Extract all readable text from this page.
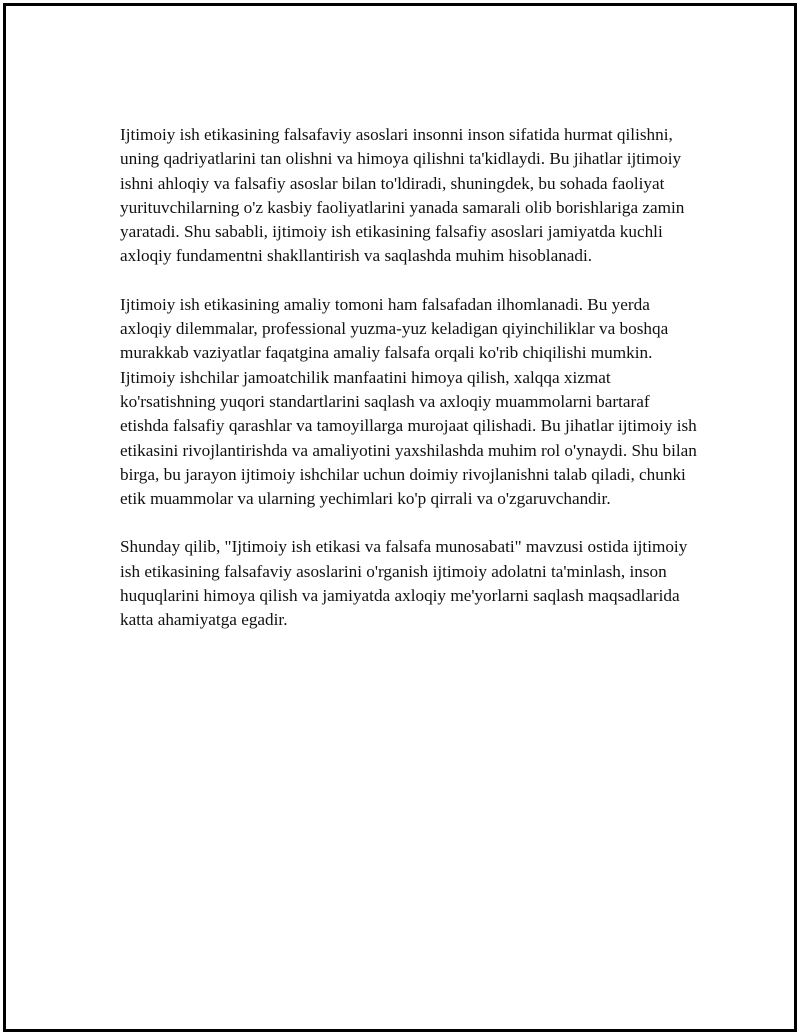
Ijtimoiy ish etikasining falsafaviy asoslari insonni inson sifatida hurmat qilishni, uning qadriyatlarini tan olishni va himoya qilishni ta'kidlaydi. Bu jihatlar ijtimoiy ishni ahloqiy va falsafiy asoslar bilan to'ldiradi, shuningdek, bu sohada faoliyat yurituvchilarning o'z kasbiy faoliyatlarini yanada samarali olib borishlariga zamin yaratadi. Shu sababli, ijtimoiy ish etikasining falsafiy asoslari jamiyatda kuchli axloqiy fundamentni shakllantirish va saqlashda muhim hisoblanadi.

Ijtimoiy ish etikasining amaliy tomoni ham falsafadan ilhomlanadi. Bu yerda axloqiy dilemmalar, professional yuzma-yuz keladigan qiyinchiliklar va boshqa murakkab vaziyatlar faqatgina amaliy falsafa orqali ko'rib chiqilishi mumkin. Ijtimoiy ishchilar jamoatchilik manfaatini himoya qilish, xalqqa xizmat ko'rsatishning yuqori standartlarini saqlash va axloqiy muammolarni bartaraf etishda falsafiy qarashlar va tamoyillarga murojaat qilishadi. Bu jihatlar ijtimoiy ish etikasini rivojlantirishda va amaliyotini yaxshilashda muhim rol o'ynaydi. Shu bilan birga, bu jarayon ijtimoiy ishchilar uchun doimiy rivojlanishni talab qiladi, chunki etik muammolar va ularning yechimlari ko'p qirrali va o'zgaruvchandir.

Shunday qilib, "Ijtimoiy ish etikasi va falsafa munosabati" mavzusi ostida ijtimoiy ish etikasining falsafaviy asoslarini o'rganish ijtimoiy adolatni ta'minlash, inson huquqlarini himoya qilish va jamiyatda axloqiy me'yorlarni saqlash maqsadlarida katta ahamiyatga egadir.
